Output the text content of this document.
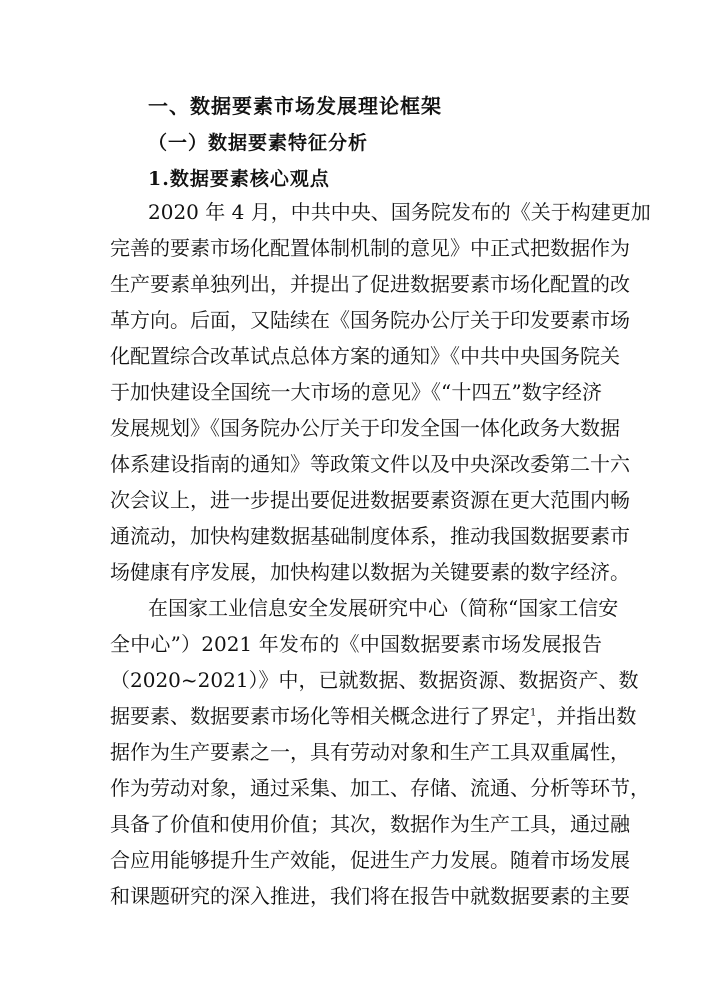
一、数据要素市场发展理论框架
（一）数据要素特征分析
1.数据要素核心观点
2020 年 4 月，中共中央、国务院发布的《关于构建更加
完善的要素市场化配置体制机制的意见》中正式把数据作为
生产要素单独列出，并提出了促进数据要素市场化配置的改
革方向。后面，又陆续在《国务院办公厅关于印发要素市场
化配置综合改革试点总体方案的通知》《中共中央国务院关
于加快建设全国统一大市场的意见》《“十四五”数字经济
发展规划》《国务院办公厅关于印发全国一体化政务大数据
体系建设指南的通知》等政策文件以及中央深改委第二十六
次会议上，进一步提出要促进数据要素资源在更大范围内畅
通流动，加快构建数据基础制度体系，推动我国数据要素市
场健康有序发展，加快构建以数据为关键要素的数字经济。
在国家工业信息安全发展研究中心（简称“国家工信安
全中心”）2021 年发布的《中国数据要素市场发展报告
（2020~2021）》中，已就数据、数据资源、数据资产、数
据要素、数据要素市场化等相关概念进行了界定$^1$，并指出数
据作为生产要素之一，具有劳动对象和生产工具双重属性，
作为劳动对象，通过采集、加工、存储、流通、分析等环节，
具备了价值和使用价值；其次，数据作为生产工具，通过融
合应用能够提升生产效能，促进生产力发展。随着市场发展
和课题研究的深入推进，我们将在报告中就数据要素的主要
